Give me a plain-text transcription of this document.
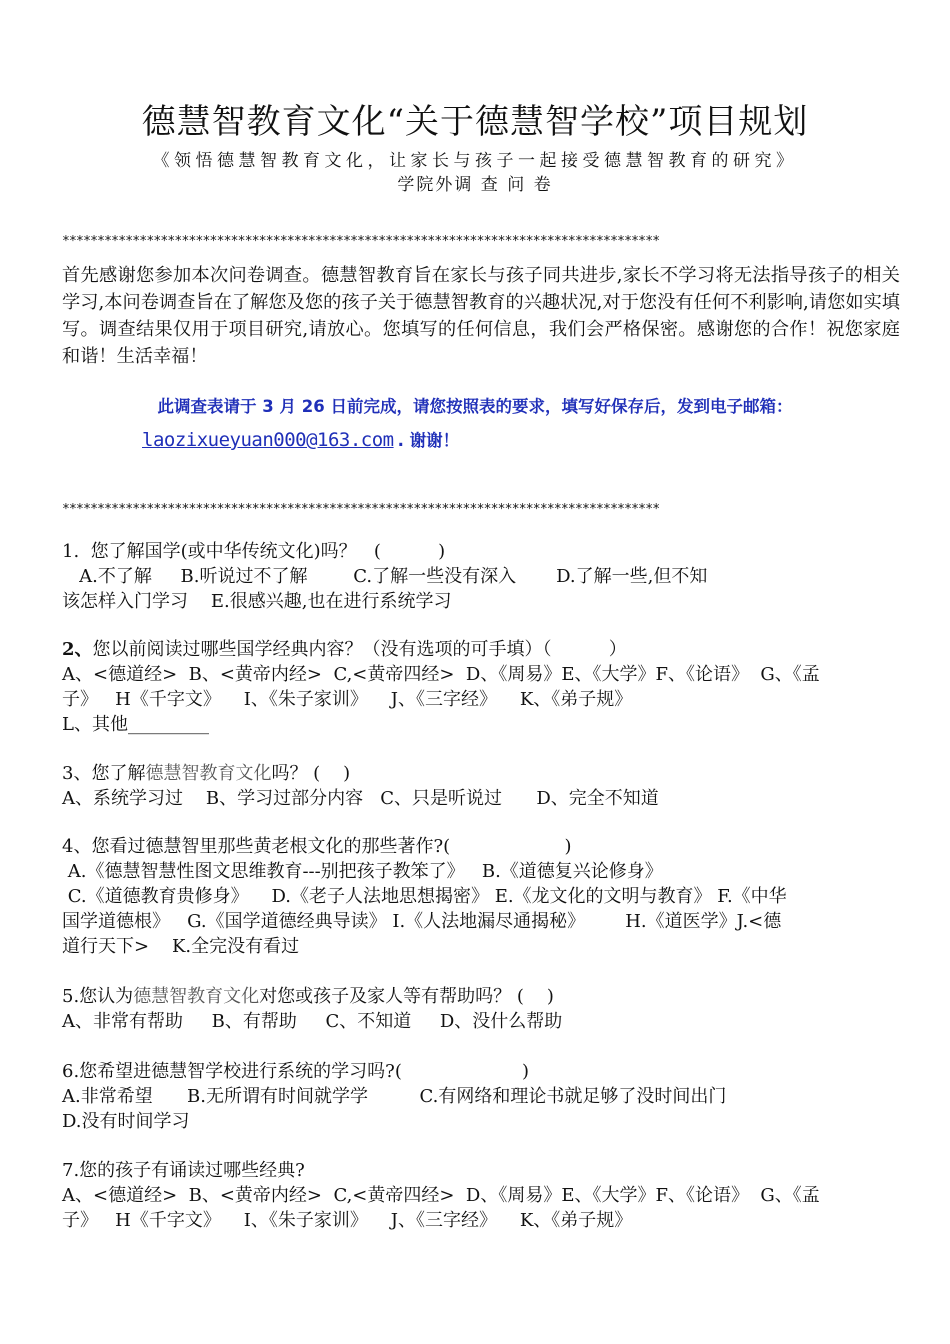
德慧智教育文化“关于德慧智学校”项目规划
《领悟德慧智教育文化，让家长与孩子一起接受德慧智教育的研究》
学院外调 查 问 卷
*************************************************************************************
首先感谢您参加本次问卷调查。德慧智教育旨在家长与孩子同共进步,家长不学习将无法指导孩子的相关学习,本问卷调查旨在了解您及您的孩子关于德慧智教育的兴趣状况,对于您没有任何不利影响,请您如实填写。调查结果仅用于项目研究,请放心。您填写的任何信息，我们会严格保密。感谢您的合作！祝您家庭和谐！生活幸福！
此调查表请于 3 月 26 日前完成，请您按照表的要求，填写好保存后，发到电子邮箱：
laozixueyuan000@163.com . 谢谢！
*************************************************************************************

1.  您了解国学(或中华传统文化)吗？   (          )

A.不了解     B.听说过不了解        C.了解一些没有深入       D.了解一些,但不知

该怎样入门学习    E.很感兴趣,也在进行系统学习

2、您以前阅读过哪些国学经典内容？（没有选项的可手填）（          ）

A、<德道经>  B、<黄帝内经>  C,<黄帝四经>  D、《周易》E、《大学》F、《论语》  G、《孟

子》   H《千字文》    I、《朱子家训》    J、《三字经》    K、《弟子规》

L、其他_________

3、您了解德慧智教育文化吗？ (    )

A、系统学习过    B、学习过部分内容   C、只是听说过      D、完全不知道

4、您看过德慧智里那些黄老根文化的那些著作?(                    )

A.《德慧智慧性图文思维教育---别把孩子教笨了》   B.《道德复兴论修身》

C.《道德教育贵修身》    D.《老子人法地思想揭密》 E.《龙文化的文明与教育》 F.《中华

国学道德根》   G.《国学道德经典导读》 I.《人法地漏尽通揭秘》       H.《道医学》J.<德

道行天下>    K.全完没有看过

5.您认为德慧智教育文化对您或孩子及家人等有帮助吗？ (    )

A、非常有帮助     B、有帮助     C、不知道     D、没什么帮助

6.您希望进德慧智学校进行系统的学习吗?(                     )

A.非常希望      B.无所谓有时间就学学         C.有网络和理论书就足够了没时间出门

D.没有时间学习

7.您的孩子有诵读过哪些经典?

A、<德道经>  B、<黄帝内经>  C,<黄帝四经>  D、《周易》E、《大学》F、《论语》  G、《孟

子》   H《千字文》    I、《朱子家训》    J、《三字经》    K、《弟子规》
